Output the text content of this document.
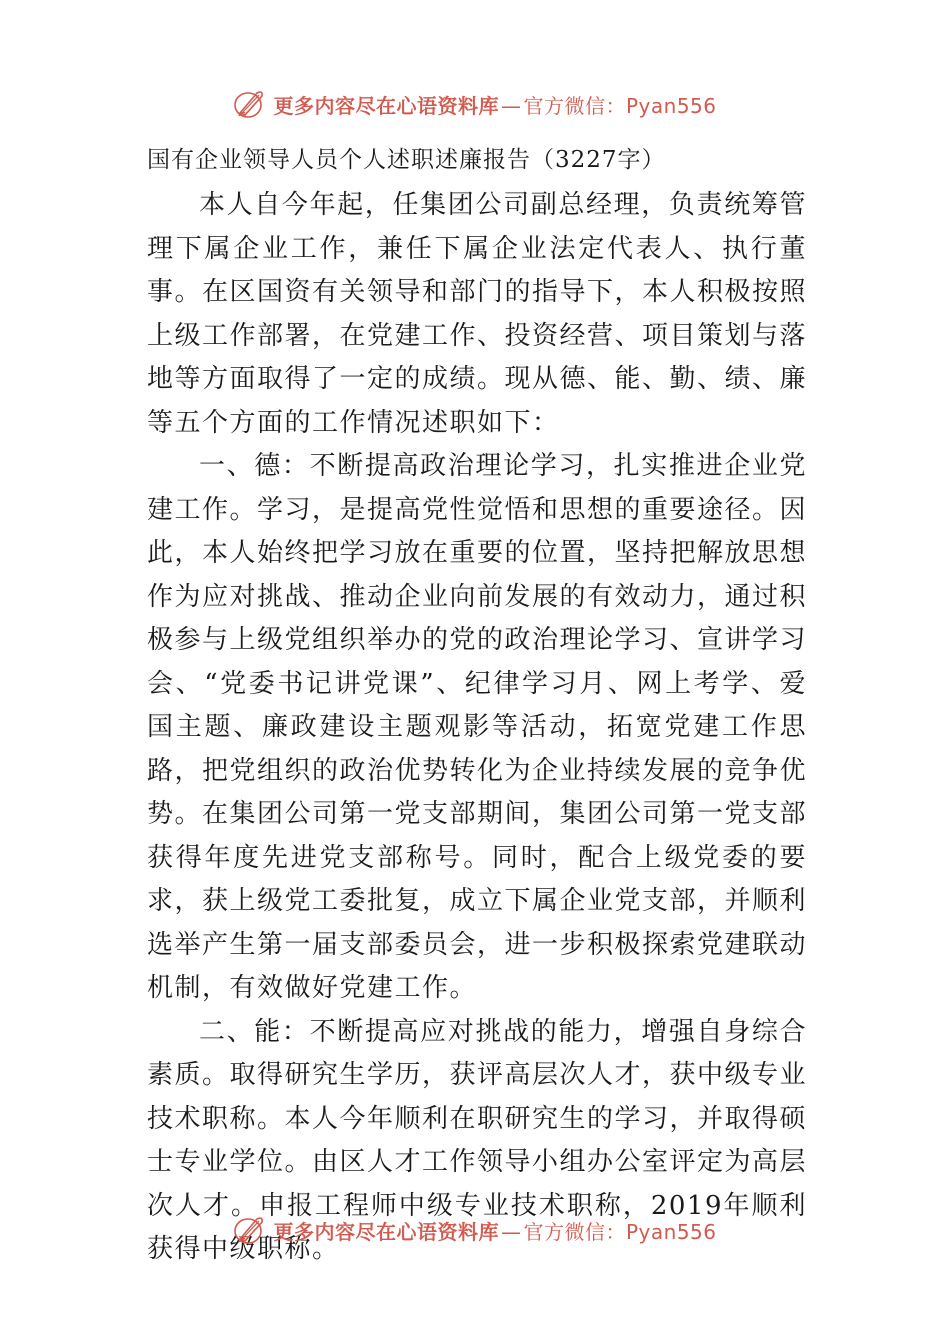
更多内容尽在心语资料库 — 官方微信：Pyan556
国有企业领导人员个人述职述廉报告（3227字）

本人自今年起，任集团公司副总经理，负责统筹管理下属企业工作，兼任下属企业法定代表人、执行董事。在区国资有关领导和部门的指导下，本人积极按照上级工作部署，在党建工作、投资经营、项目策划与落地等方面取得了一定的成绩。现从德、能、勤、绩、廉等五个方面的工作情况述职如下：

一、德：不断提高政治理论学习，扎实推进企业党建工作。学习，是提高党性觉悟和思想的重要途径。因此，本人始终把学习放在重要的位置，坚持把解放思想作为应对挑战、推动企业向前发展的有效动力，通过积极参与上级党组织举办的党的政治理论学习、宣讲学习会、“党委书记讲党课”、纪律学习月、网上考学、爱国主题、廉政建设主题观影等活动，拓宽党建工作思路，把党组织的政治优势转化为企业持续发展的竞争优势。在集团公司第一党支部期间，集团公司第一党支部获得年度先进党支部称号。同时，配合上级党委的要求，获上级党工委批复，成立下属企业党支部，并顺利选举产生第一届支部委员会，进一步积极探索党建联动机制，有效做好党建工作。

二、能：不断提高应对挑战的能力，增强自身综合素质。取得研究生学历，获评高层次人才，获中级专业技术职称。本人今年顺利在职研究生的学习，并取得硕士专业学位。由区人才工作领导小组办公室评定为高层次人才。申报工程师中级专业技术职称，2019年顺利获得中级职称。

更多内容尽在心语资料库 — 官方微信：Pyan556
